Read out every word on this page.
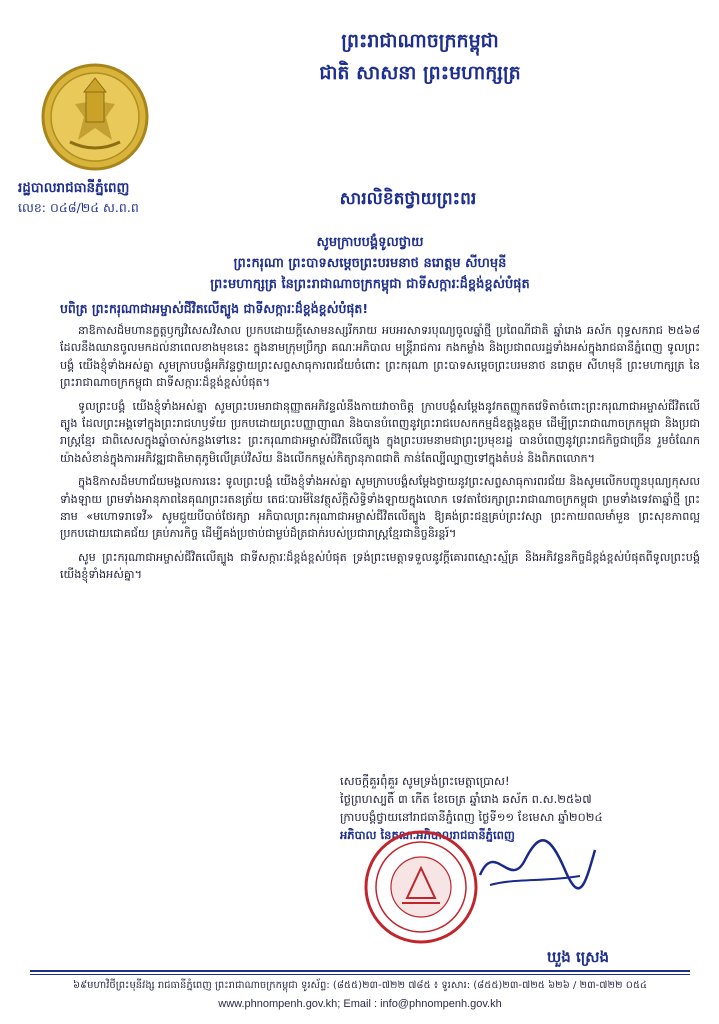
ព្រះរាជាណាចក្រកម្ពុជា
ជាតិ សាសនា ព្រះមហាក្សត្រ
រដ្ឋបាលរាជធានីភ្នំពេញ
លេខ: ០៤៨/២៤ ស.ព.ព	សារលិខិតថ្វាយព្រះពរ
សូមក្រាបបង្គំទូលថ្វាយ
ព្រះករុណា ព្រះបាទសម្តេចព្រះបរមនាថ នរោត្តម សីហមុនី
ព្រះមហាក្សត្រ នៃព្រះរាជាណាចក្រកម្ពុជា ជាទីសក្ការៈដ៏ខ្ពង់ខ្ពស់បំផុត
បពិត្រ ព្រះករុណាជាអម្ចាស់ជីវិតលើត្បូង ជាទីសក្ការៈដ៏ខ្ពង់ខ្ពស់បំផុត!

នាឱកាសដ៏មហានក្ខត្តឫក្សវិសេសវិសាល ប្រកបដោយក្ដីសោមនស្សរីករាយ អបអរសាទរបុណ្យចូលឆ្នាំថ្មី ប្រពៃណីជាតិ ឆ្នាំរោង ឆស័ក ពុទ្ធសករាជ ២៥៦៨ ដែលនឹងឈានចូលមកដល់នាពេលខាងមុខនេះ ក្នុងនាមក្រុមប្រឹក្សា គណៈអភិបាល មន្ត្រីរាជការ កងកម្លាំង និងប្រជាពលរដ្ឋទាំងអស់ក្នុងរាជធានីភ្នំពេញ ទូលព្រះបង្គំ យើងខ្ញុំទាំងអស់គ្នា សូមក្រាបបង្គំអភិវន្ទថ្វាយព្រះសព្ទសាធុការពរជ័យចំពោះ ព្រះករុណា ព្រះបាទសម្តេចព្រះបរមនាថ នរោត្តម សីហមុនី ព្រះមហាក្សត្រ នៃព្រះរាជាណាចក្រកម្ពុជា ជាទីសក្ការៈដ៏ខ្ពង់ខ្ពស់បំផុត។

ទូលព្រះបង្គំ យើងខ្ញុំទាំងអស់គ្នា សូមព្រះបរមរាជានុញ្ញាតអភិវន្ទលំនឹងកាយវាចាចិត្ត ក្រាបបង្គំសម្ដែងនូវកតញ្ញូកតវេទិតាចំពោះព្រះករុណាជាអម្ចាស់ជីវិតលើត្បូង ដែលព្រះអង្គទៅក្នុងព្រះរាជហឫទ័យ ប្រកបដោយព្រះបញ្ញាញាណ និងបានបំពេញនូវព្រះរាជបេសកកម្មដ៏ឧត្តុង្គឧត្តម ដើម្បីព្រះរាជាណាចក្រកម្ពុជា និងប្រជារាស្ត្រខ្មែរ ជាពិសេសក្នុងឆ្នាំចាស់កន្លងទៅនេះ ព្រះករុណាជាអម្ចាស់ជីវិតលើត្បូង ក្នុងព្រះបរមនាមជាព្រះប្រមុខរដ្ឋ បានបំពេញនូវព្រះរាជកិច្ចជាច្រើន រួមចំណែកយ៉ាងសំខាន់ក្នុងការអភិវឌ្ឍជាតិមាតុភូមិលើគ្រប់វិស័យ និងលើកកម្ពស់កិត្យានុភាពជាតិ កាន់តែល្បីល្បាញទៅក្នុងតំបន់ និងពិភពលោក។

ក្នុងឱកាសដ៏មហាជ័យមង្គលការនេះ ទូលព្រះបង្គំ យើងខ្ញុំទាំងអស់គ្នា សូមក្រាបបង្គំសម្ដែងថ្វាយនូវព្រះសព្ទសាធុការពរជ័យ និងសូមលើកបញ្ជូនបុណ្យកុសលទាំងឡាយ ព្រមទាំងអានុភាពនៃគុណព្រះរតនត្រ័យ តេជៈបារមីនៃវត្ថុស័ក្តិសិទ្ធិទាំងឡាយក្នុងលោក ទេវតាថែរក្សាព្រះរាជាណាចក្រកម្ពុជា ព្រមទាំងទេវតាឆ្នាំថ្មី ព្រះនាម «មហោទរាទេវី» សូមជួយបីបាច់ថែរក្សា អភិបាលព្រះករុណាជាអម្ចាស់ជីវិតលើត្បូង ឱ្យគង់ព្រះជន្មគ្រប់ព្រះវស្សា ព្រះកាយពលមាំមួន ព្រះសុខភាពល្អ ប្រកបដោយជោគជ័យ គ្រប់ភារកិច្ច ដើម្បីគង់ប្រថាប់ជាម្លប់ដ៏ត្រជាក់របស់ប្រជារាស្ត្រខ្មែរជានិច្ចនិរន្តរ៍។

សូម ព្រះករុណាជាអម្ចាស់ជីវិតលើត្បូង ជាទីសក្ការៈដ៏ខ្ពង់ខ្ពស់បំផុត ទ្រង់ព្រះមេត្តាទទួលនូវក្ដីគោរពស្មោះស្ម័គ្រ និងអភិវន្ទនកិច្ចដ៏ខ្ពង់ខ្ពស់បំផុតពីទូលព្រះបង្គំ យើងខ្ញុំទាំងអស់គ្នា។

សេចក្ដីគួរពុំគួរ សូមទ្រង់ព្រះមេត្តាប្រោស!
ថ្ងៃព្រហស្បតិ៍ ៣ កើត ខែចេត្រ ឆ្នាំរោង ឆស័ក ព.ស.២៥៦៧
ក្រាបបង្គំថ្វាយនៅរាជធានីភ្នំពេញ ថ្ងៃទី១១ ខែមេសា ឆ្នាំ២០២៤
អភិបាល នៃគណៈអភិបាលរាជធានីភ្នំពេញ
ឃួង ស្រេង
៦៩មហាវិថីព្រះមុនីវង្ស រាជធានីភ្នំពេញ ព្រះរាជាណាចក្រកម្ពុជា ទូរស័ព្ទ: (៨៥៥)២៣-៧២២ ៧៨៥ ៖ ទូរសារ: (៨៥៥)២៣-៧២៥ ៦២៦ / ២៣-៧២២ ០៥៤
www.phnompenh.gov.kh; Email : info@phnompenh.gov.kh
